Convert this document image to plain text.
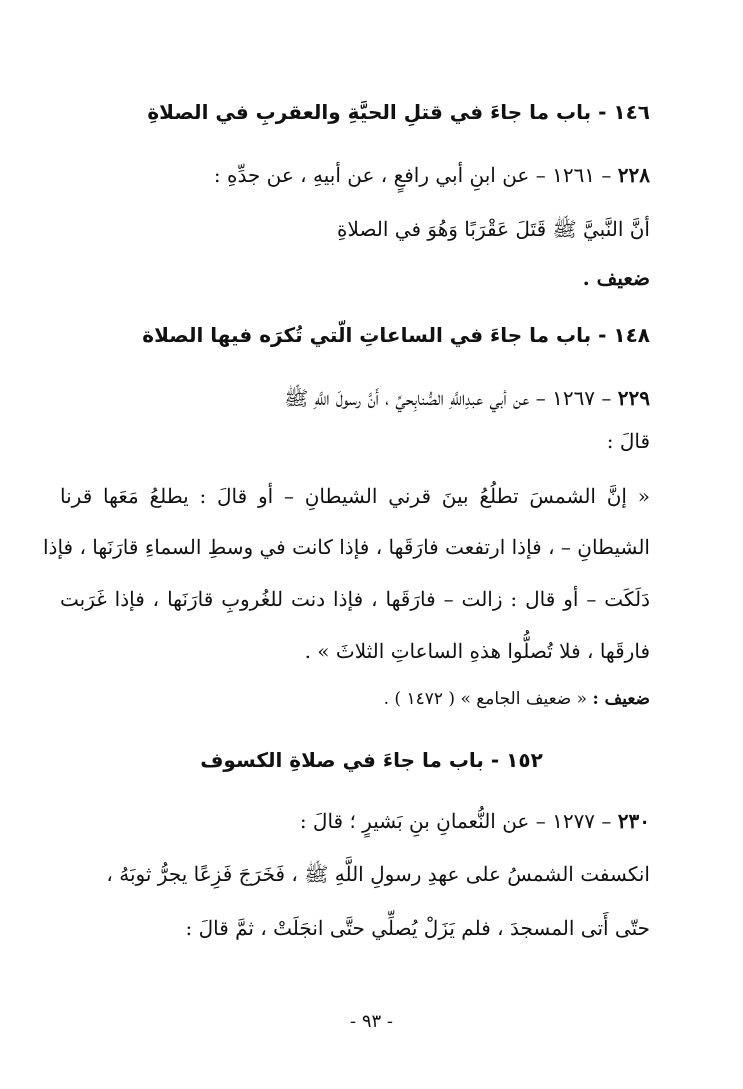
١٤٦ - باب ما جاءَ في قتلِ الحيَّةِ والعقربِ في الصلاةِ
٢٢٨ – ١٢٦١ – عن ابنِ أبي رافعٍ ، عن أبيهِ ، عن جدِّهِ :
أنَّ النَّبيَّ ﷺ قَتَلَ عَقْرَبًا وَهُوَ في الصلاةِ
ضعيف .
١٤٨ - باب ما جاءَ في الساعاتِ الّتي تُكرَه فيها الصلاة
٢٢٩ – ١٢٦٧ – عن أبي عبدِاللَّهِ الصُّنابِحيِّ ، أَنَّ رسولَ اللَّهِ ﷺ
قالَ :
« إنَّ الشمسَ تطلُعُ بينَ قرني الشيطانِ – أو قالَ : يطلعُ مَعَها قرنا
الشيطانِ – ، فإذا ارتفعت فارَقَها ، فإذا كانت في وسطِ السماءِ قارَنَها ، فإذا
دَلَكَت – أو قال : زالت – فارَقَها ، فإذا دنت للغُروبِ قارَنَها ، فإذا غَرَبت
فارقَها ، فلا تُصلُّوا هذهِ الساعاتِ الثلاثَ » .
ضعيف : « ضعيف الجامع » ( ١٤٧٢ ) .
١٥٢ - باب ما جاءَ في صلاةِ الكسوف
٢٣٠ – ١٢٧٧ – عن النُّعمانِ بنِ بَشيرٍ ؛ قالَ :
انكسفت الشمسُ على عهدِ رسولِ اللَّهِ ﷺ ، فَخَرَجَ فَزِعًا يجرُّ ثوبَهُ ،
حتّى أَتى المسجدَ ، فلم يَزَلْ يُصلِّي حتَّى انجَلَتْ ، ثمَّ قالَ :
- ٩٣ -
